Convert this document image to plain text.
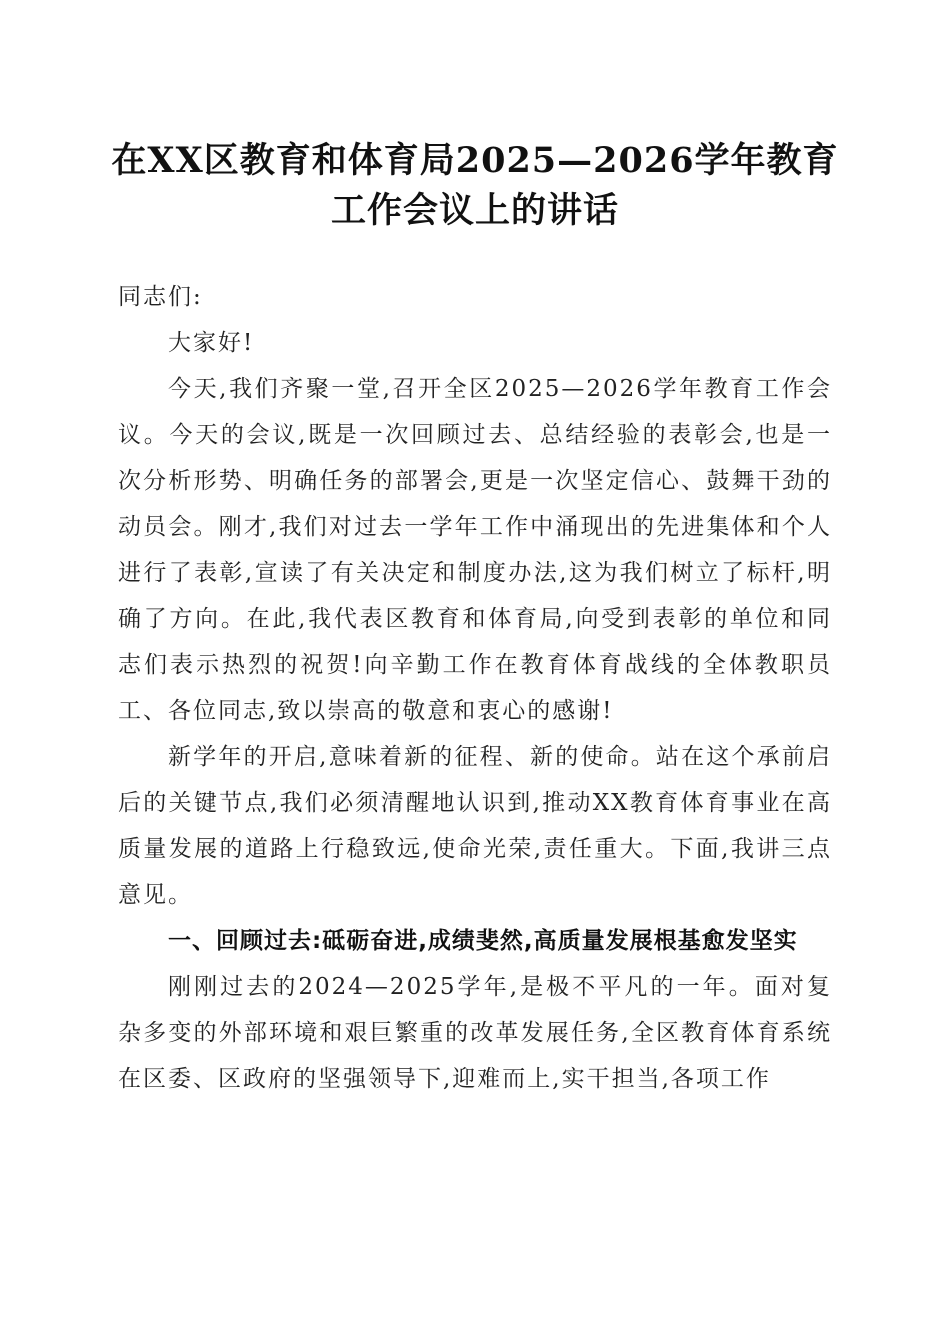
在XX区教育和体育局2025—2026学年教育
工作会议上的讲话

同志们:

大家好!

今天,我们齐聚一堂,召开全区2025—2026学年教育工作会议。今天的会议,既是一次回顾过去、总结经验的表彰会,也是一次分析形势、明确任务的部署会,更是一次坚定信心、鼓舞干劲的动员会。刚才,我们对过去一学年工作中涌现出的先进集体和个人进行了表彰,宣读了有关决定和制度办法,这为我们树立了标杆,明确了方向。在此,我代表区教育和体育局,向受到表彰的单位和同志们表示热烈的祝贺!向辛勤工作在教育体育战线的全体教职员工、各位同志,致以崇高的敬意和衷心的感谢!

新学年的开启,意味着新的征程、新的使命。站在这个承前启后的关键节点,我们必须清醒地认识到,推动XX教育体育事业在高质量发展的道路上行稳致远,使命光荣,责任重大。下面,我讲三点意见。

一、回顾过去:砥砺奋进,成绩斐然,高质量发展根基愈发坚实

刚刚过去的2024—2025学年,是极不平凡的一年。面对复杂多变的外部环境和艰巨繁重的改革发展任务,全区教育体育系统在区委、区政府的坚强领导下,迎难而上,实干担当,各项工作
